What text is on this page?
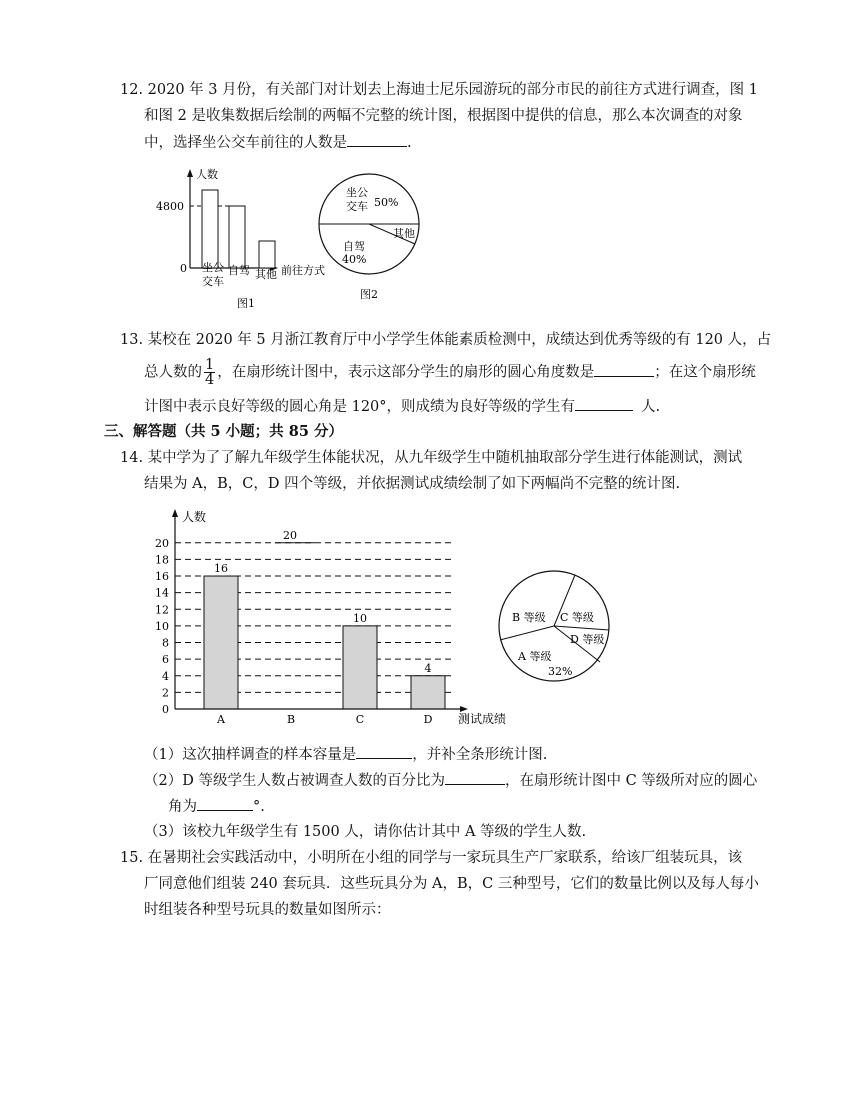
12. 2020 年 3 月份，有关部门对计划去上海迪士尼乐园游玩的部分市民的前往方式进行调查，图 1
和图 2 是收集数据后绘制的两幅不完整的统计图，根据图中提供的信息，那么本次调查的对象
中，选择坐公交车前往的人数是	.
人数
4800
0 坐公
交车
自驾 其他 前往方式
图1
坐公
交车 50%
其他
自驾
40%
图2
13. 某校在 2020 年 5 月浙江教育厅中小学学生体能素质检测中，成绩达到优秀等级的有 120 人，占
总人数的 $\frac{1}{4}$ ，在扇形统计图中，表示这部分学生的扇形的圆心角度数是	；在这个扇形统
计图中表示良好等级的圆心角是 120°，则成绩为良好等级的学生有	人.
三、解答题（共 5 小题；共 85 分）
14. 某中学为了了解九年级学生体能状况，从九年级学生中随机抽取部分学生进行体能测试，测试
结果为 A，B，C，D 四个等级，并依据测试成绩绘制了如下两幅尚不完整的统计图.
0
2
4
6
8
10
12
14
16
18
20
A
16
B	C
10
D
4
人数
测试成绩
20
B 等级 C 等级
D 等级
A 等级
32%
（1）这次抽样调查的样本容量是	，并补全条形统计图.
（2）D 等级学生人数占被调查人数的百分比为	，在扇形统计图中 C 等级所对应的圆心
角为	°.
（3）该校九年级学生有 1500 人，请你估计其中 A 等级的学生人数.
15. 在暑期社会实践活动中，小明所在小组的同学与一家玩具生产厂家联系，给该厂组装玩具，该
厂同意他们组装 240 套玩具．这些玩具分为 A，B，C 三种型号，它们的数量比例以及每人每小
时组装各种型号玩具的数量如图所示：
